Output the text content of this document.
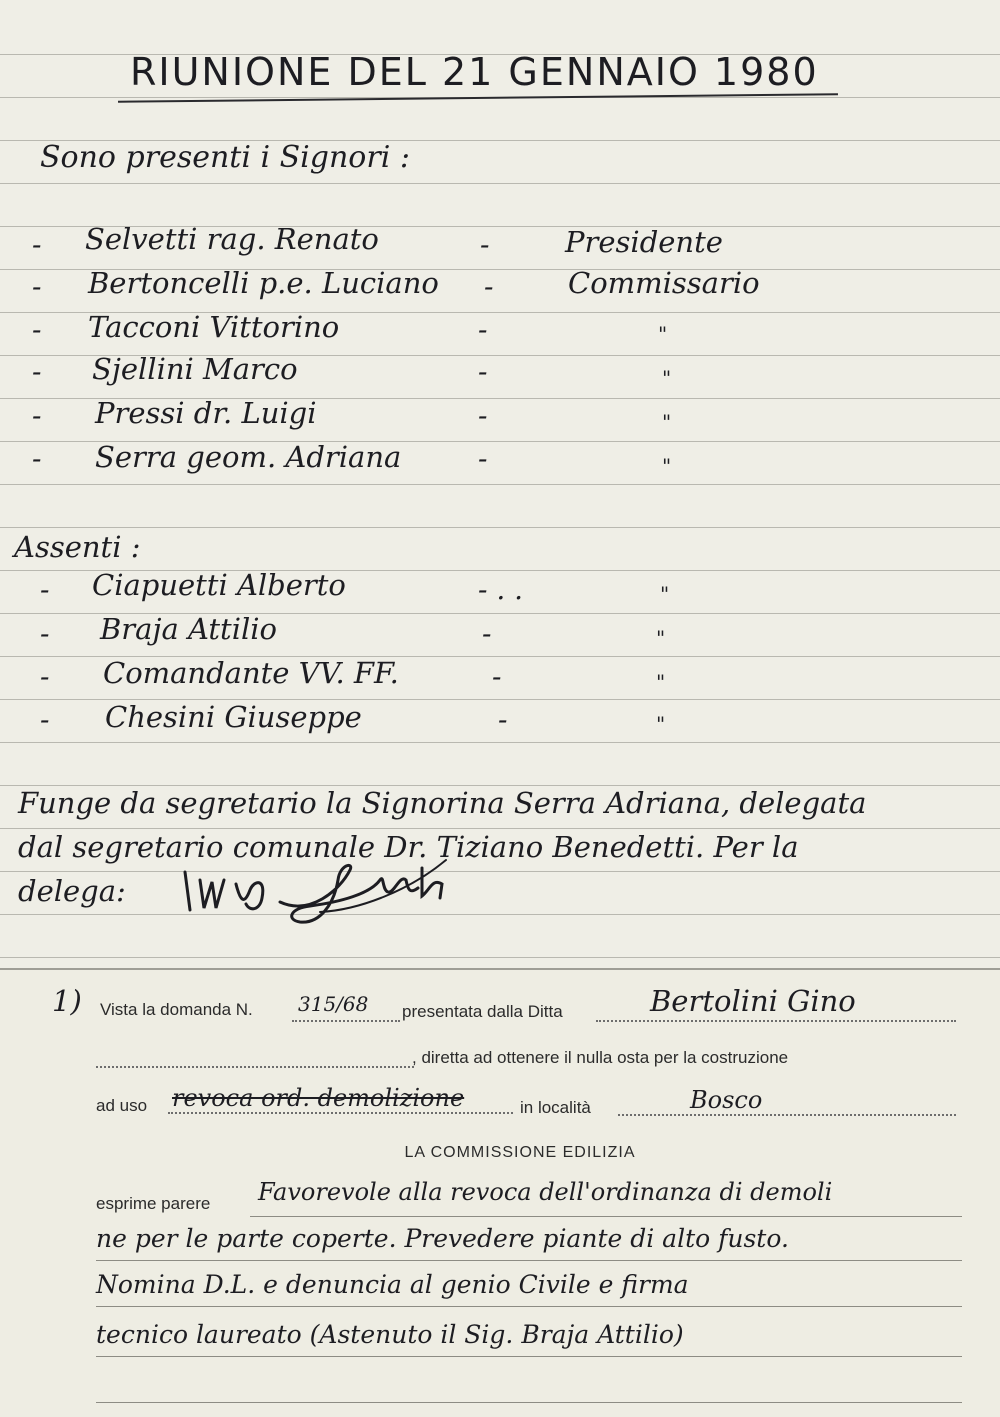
RIUNIONE DEL 21 GENNAIO 1980
Sono presenti i Signori :
- Selvetti rag. Renato	-	Presidente
- Bertoncelli p.e. Luciano -	Commissario
- Tacconi Vittorino	-	"
- Sjellini Marco	-	"
- Pressi dr. Luigi	-	"
- Serra geom. Adriana	-	"
Assenti :
- Ciapuetti Alberto	- . .	"
- Braja Attilio	-	"
- Comandante VV. FF.	-	"
- Chesini Giuseppe	-	"
Funge da segretario la Signorina Serra Adriana, delegata
dal segretario comunale Dr. Tiziano Benedetti. Per la
delega:
1) Vista la domanda N. 315/68 presentata dalla Ditta	Bertolini Gino
, diretta ad ottenere il nulla osta per la costruzione
ad uso revoca ord. demolizione	in località	Bosco
LA COMMISSIONE EDILIZIA
esprime parere Favorevole alla revoca dell'ordinanza di demoli
ne per le parte coperte. Prevedere piante di alto fusto.
Nomina D.L. e denuncia al genio Civile e firma
tecnico laureato (Astenuto il Sig. Braja Attilio)
